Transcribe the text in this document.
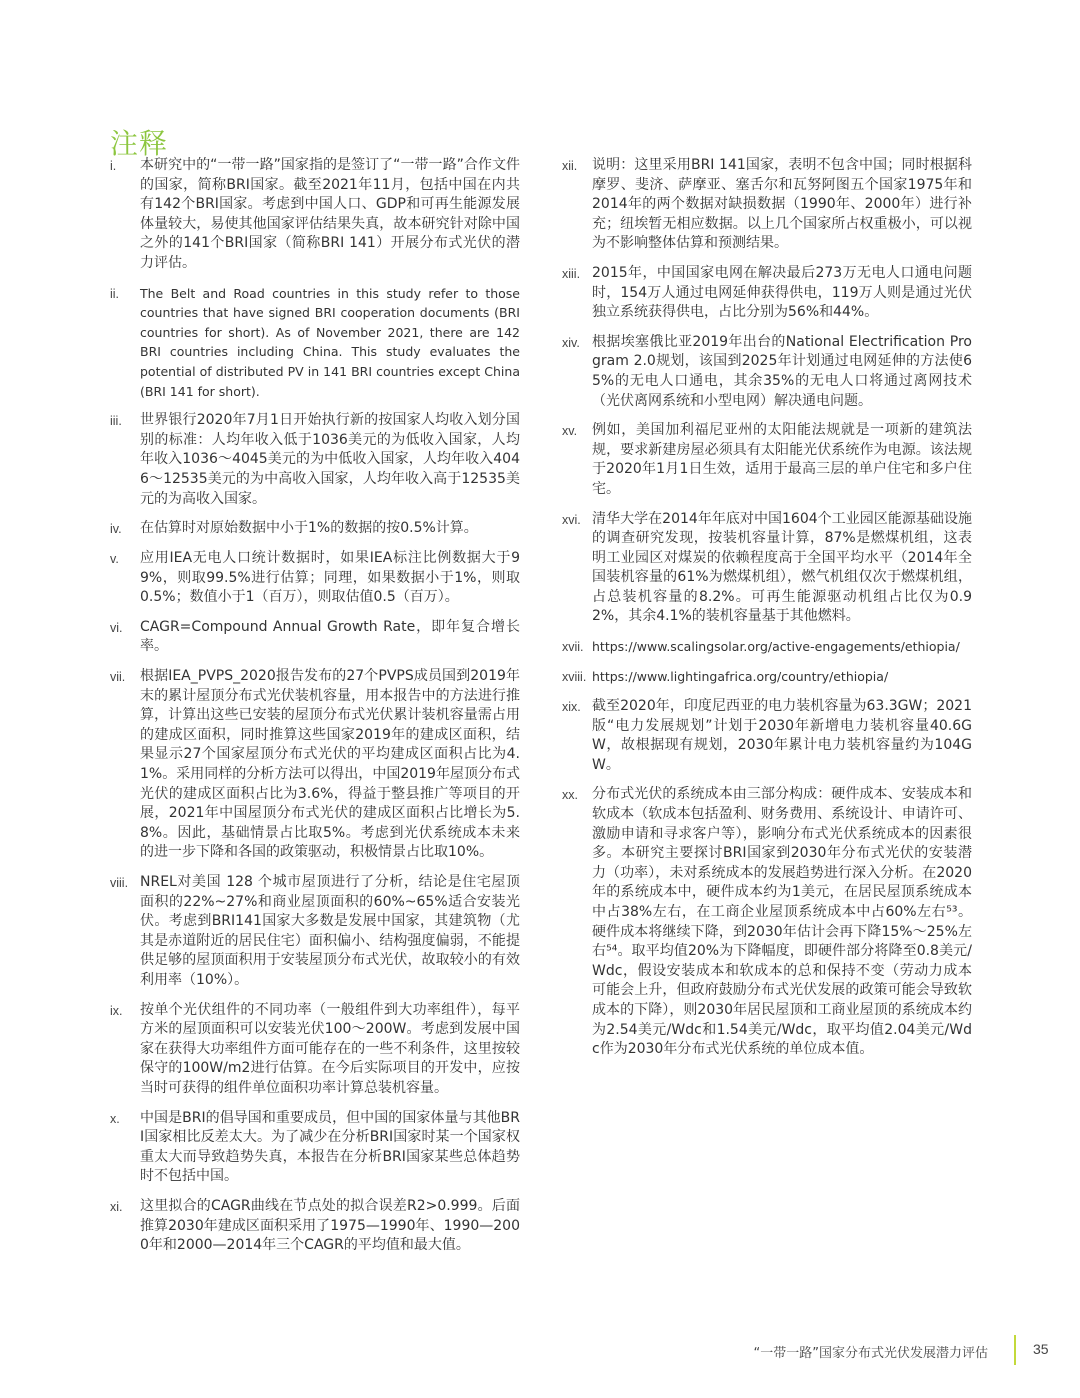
注释
i.	本研究中的“一带一路”国家指的是签订了“一带一路”合作文件的国家，简称BRI国家。截至2021年11月，包括中国在内共有142个BRI国家。考虑到中国人口、GDP和可再生能源发展体量较大，易使其他国家评估结果失真，故本研究针对除中国之外的141个BRI国家（简称BRI 141）开展分布式光伏的潜力评估。
ii.	The Belt and Road countries in this study refer to those countries that have signed BRI cooperation documents (BRI countries for short). As of November 2021, there are 142 BRI countries including China. This study evaluates the potential of distributed PV in 141 BRI countries except China (BRI 141 for short).
iii.	世界银行2020年7月1日开始执行新的按国家人均收入划分国别的标准：人均年收入低于1036美元的为低收入国家，人均年收入1036～4045美元的为中低收入国家，人均年收入4046～12535美元的为中高收入国家，人均年收入高于12535美元的为高收入国家。
iv.	在估算时对原始数据中小于1%的数据的按0.5%计算。
v.	应用IEA无电人口统计数据时，如果IEA标注比例数据大于99%，则取99.5%进行估算；同理，如果数据小于1%，则取0.5%；数值小于1（百万），则取估值0.5（百万）。
vi.	CAGR=Compound Annual Growth Rate，即年复合增长率。
vii.	根据IEA_PVPS_2020报告发布的27个PVPS成员国到2019年末的累计屋顶分布式光伏装机容量，用本报告中的方法进行推算，计算出这些已安装的屋顶分布式光伏累计装机容量需占用的建成区面积，同时推算这些国家2019年的建成区面积，结果显示27个国家屋顶分布式光伏的平均建成区面积占比为4.1%。采用同样的分析方法可以得出，中国2019年屋顶分布式光伏的建成区面积占比为3.6%，得益于整县推广等项目的开展，2021年中国屋顶分布式光伏的建成区面积占比增长为5.8%。因此，基础情景占比取5%。考虑到光伏系统成本未来的进一步下降和各国的政策驱动，积极情景占比取10%。
viii. NREL对美国 128 个城市屋顶进行了分析，结论是住宅屋顶面积的22%~27%和商业屋顶面积的60%~65%适合安装光伏。考虑到BRI141国家大多数是发展中国家，其建筑物（尤其是赤道附近的居民住宅）面积偏小、结构强度偏弱，不能提供足够的屋顶面积用于安装屋顶分布式光伏，故取较小的有效利用率（10%）。
ix.	按单个光伏组件的不同功率（一般组件到大功率组件），每平方米的屋顶面积可以安装光伏100～200W。考虑到发展中国家在获得大功率组件方面可能存在的一些不利条件，这里按较保守的100W/m2进行估算。在今后实际项目的开发中，应按当时可获得的组件单位面积功率计算总装机容量。
x.	中国是BRI的倡导国和重要成员，但中国的国家体量与其他BRI国家相比反差太大。为了减少在分析BRI国家时某一个国家权重太大而导致趋势失真，本报告在分析BRI国家某些总体趋势时不包括中国。
xi.	这里拟合的CAGR曲线在节点处的拟合误差R2>0.999。后面推算2030年建成区面积采用了1975—1990年、1990—2000年和2000—2014年三个CAGR的平均值和最大值。
xii.	说明：这里采用BRI 141国家，表明不包含中国；同时根据科摩罗、斐济、萨摩亚、塞舌尔和瓦努阿图五个国家1975年和2014年的两个数据对缺损数据（1990年、2000年）进行补充；纽埃暂无相应数据。以上几个国家所占权重极小，可以视为不影响整体估算和预测结果。
xiii. 2015年，中国国家电网在解决最后273万无电人口通电问题时，154万人通过电网延伸获得供电，119万人则是通过光伏独立系统获得供电，占比分别为56%和44%。
xiv. 根据埃塞俄比亚2019年出台的National Electrification Program 2.0规划，该国到2025年计划通过电网延伸的方法使65%的无电人口通电，其余35%的无电人口将通过离网技术（光伏离网系统和小型电网）解决通电问题。
xv.	例如，美国加利福尼亚州的太阳能法规就是一项新的建筑法规，要求新建房屋必须具有太阳能光伏系统作为电源。该法规于2020年1月1日生效，适用于最高三层的单户住宅和多户住宅。
xvi. 清华大学在2014年年底对中国1604个工业园区能源基础设施的调查研究发现，按装机容量计算，87%是燃煤机组，这表明工业园区对煤炭的依赖程度高于全国平均水平（2014年全国装机容量的61%为燃煤机组），燃气机组仅次于燃煤机组，占总装机容量的8.2%。可再生能源驱动机组占比仅为0.92%，其余4.1%的装机容量基于其他燃料。
xvii. https://www.scalingsolar.org/active-engagements/ethiopia/
xviii. https://www.lightingafrica.org/country/ethiopia/
xix. 截至2020年，印度尼西亚的电力装机容量为63.3GW；2021版“电力发展规划”计划于2030年新增电力装机容量40.6GW，故根据现有规划，2030年累计电力装机容量约为104GW。
xx.	分布式光伏的系统成本由三部分构成：硬件成本、安装成本和软成本（软成本包括盈利、财务费用、系统设计、申请许可、激励申请和寻求客户等），影响分布式光伏系统成本的因素很多。本研究主要探讨BRI国家到2030年分布式光伏的安装潜力（功率），未对系统成本的发展趋势进行深入分析。在2020年的系统成本中，硬件成本约为1美元，在居民屋顶系统成本中占38%左右，在工商企业屋顶系统成本中占60%左右⁵³。硬件成本将继续下降，到2030年估计会再下降15%～25%左右⁵⁴。取平均值20%为下降幅度，即硬件部分将降至0.8美元/Wdc，假设安装成本和软成本的总和保持不变（劳动力成本可能会上升，但政府鼓励分布式光伏发展的政策可能会导致软成本的下降），则2030年居民屋顶和工商业屋顶的系统成本约为2.54美元/Wdc和1.54美元/Wdc，取平均值2.04美元/Wdc作为2030年分布式光伏系统的单位成本值。
“一带一路”国家分布式光伏发展潜力评估	35
